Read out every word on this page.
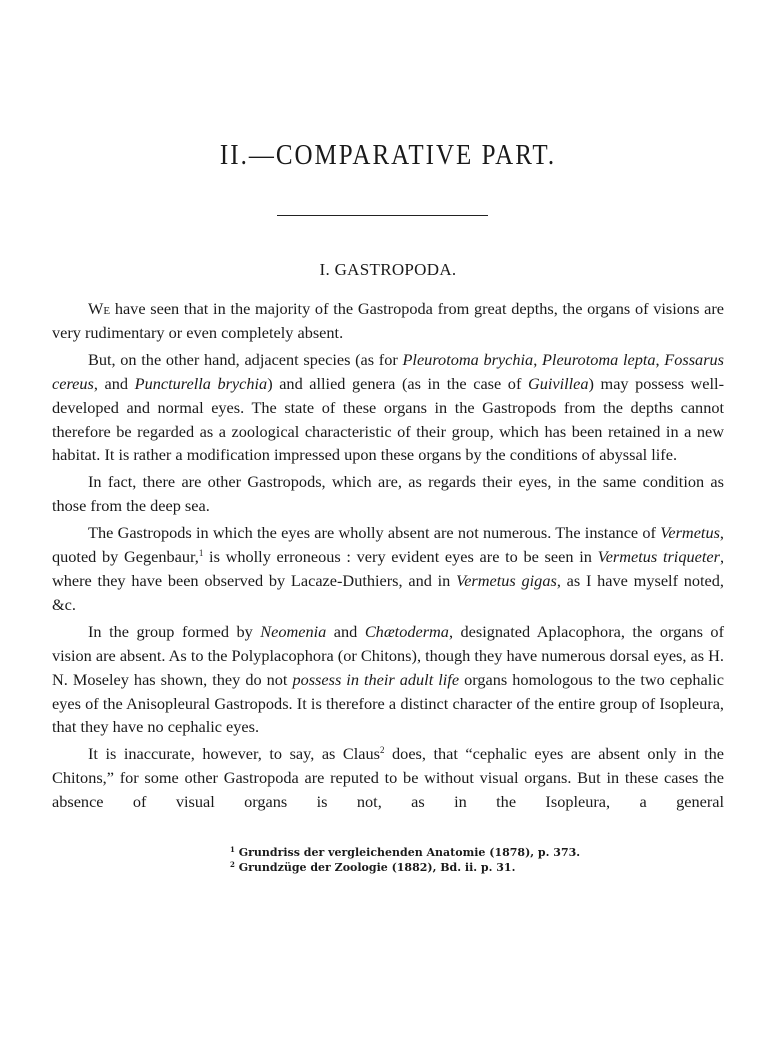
II.—COMPARATIVE PART.
I. GASTROPODA.

We have seen that in the majority of the Gastropoda from great depths, the organs of visions are very rudimentary or even completely absent.

But, on the other hand, adjacent species (as for Pleurotoma brychia, Pleurotoma lepta, Fossarus cereus, and Puncturella brychia) and allied genera (as in the case of Guivillea) may possess well-developed and normal eyes. The state of these organs in the Gastropods from the depths cannot therefore be regarded as a zoological characteristic of their group, which has been retained in a new habitat. It is rather a modification impressed upon these organs by the conditions of abyssal life.

In fact, there are other Gastropods, which are, as regards their eyes, in the same condition as those from the deep sea.

The Gastropods in which the eyes are wholly absent are not numerous. The instance of Vermetus, quoted by Gegenbaur,$^1$ is wholly erroneous : very evident eyes are to be seen in Vermetus triqueter, where they have been observed by Lacaze-Duthiers, and in Vermetus gigas, as I have myself noted, &c.

In the group formed by Neomenia and Chætoderma, designated Aplacophora, the organs of vision are absent. As to the Polyplacophora (or Chitons), though they have numerous dorsal eyes, as H. N. Moseley has shown, they do not possess in their adult life organs homologous to the two cephalic eyes of the Anisopleural Gastropods. It is therefore a distinct character of the entire group of Isopleura, that they have no cephalic eyes.

It is inaccurate, however, to say, as Claus$^2$ does, that “cephalic eyes are absent only in the Chitons,” for some other Gastropoda are reputed to be without visual organs. But in these cases the absence of visual organs is not, as in the Isopleura, a general

$^1$ Grundriss der vergleichenden Anatomie (1878), p. 373.
$^2$ Grundzüge der Zoologie (1882), Bd. ii. p. 31.
